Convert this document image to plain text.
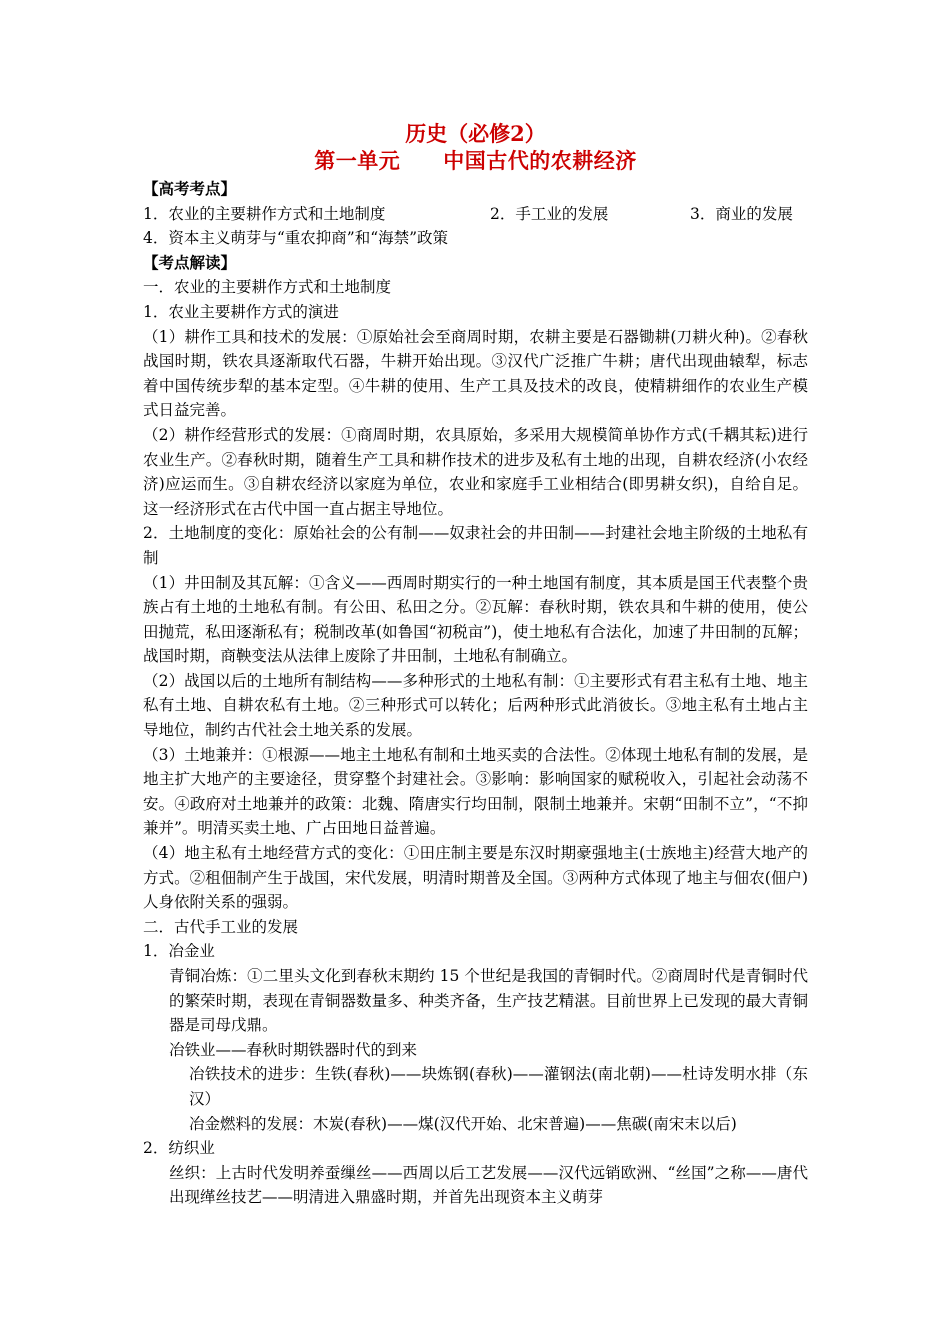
历史（必修2）
第一单元　　中国古代的农耕经济

【高考考点】

1．农业的主要耕作方式和土地制度	2．手工业的发展	3．商业的发展

4．资本主义萌芽与“重农抑商”和“海禁”政策

【考点解读】

一．农业的主要耕作方式和土地制度

1．农业主要耕作方式的演进

（1）耕作工具和技术的发展：①原始社会至商周时期，农耕主要是石器锄耕(刀耕火种)。②春秋战国时期，铁农具逐渐取代石器，牛耕开始出现。③汉代广泛推广牛耕；唐代出现曲辕犁，标志着中国传统步犁的基本定型。④牛耕的使用、生产工具及技术的改良，使精耕细作的农业生产模式日益完善。

（2）耕作经营形式的发展：①商周时期，农具原始，多采用大规模简单协作方式(千耦其耘)进行农业生产。②春秋时期，随着生产工具和耕作技术的进步及私有土地的出现，自耕农经济(小农经济)应运而生。③自耕农经济以家庭为单位，农业和家庭手工业相结合(即男耕女织)，自给自足。这一经济形式在古代中国一直占据主导地位。

2．土地制度的变化：原始社会的公有制——奴隶社会的井田制——封建社会地主阶级的土地私有制

（1）井田制及其瓦解：①含义——西周时期实行的一种土地国有制度，其本质是国王代表整个贵族占有土地的土地私有制。有公田、私田之分。②瓦解：春秋时期，铁农具和牛耕的使用，使公田抛荒，私田逐渐私有；税制改革(如鲁国“初税亩”)，使土地私有合法化，加速了井田制的瓦解；战国时期，商鞅变法从法律上废除了井田制，土地私有制确立。

（2）战国以后的土地所有制结构——多种形式的土地私有制：①主要形式有君主私有土地、地主私有土地、自耕农私有土地。②三种形式可以转化；后两种形式此消彼长。③地主私有土地占主导地位，制约古代社会土地关系的发展。

（3）土地兼并：①根源——地主土地私有制和土地买卖的合法性。②体现土地私有制的发展，是地主扩大地产的主要途径，贯穿整个封建社会。③影响：影响国家的赋税收入，引起社会动荡不安。④政府对土地兼并的政策：北魏、隋唐实行均田制，限制土地兼并。宋朝“田制不立”，“不抑兼并”。明清买卖土地、广占田地日益普遍。

（4）地主私有土地经营方式的变化：①田庄制主要是东汉时期豪强地主(士族地主)经营大地产的方式。②租佃制产生于战国，宋代发展，明清时期普及全国。③两种方式体现了地主与佃农(佃户)人身依附关系的强弱。

二．古代手工业的发展

1．冶金业

青铜冶炼：①二里头文化到春秋末期约 15 个世纪是我国的青铜时代。②商周时代是青铜时代的繁荣时期，表现在青铜器数量多、种类齐备，生产技艺精湛。目前世界上已发现的最大青铜器是司母戊鼎。

冶铁业——春秋时期铁器时代的到来

冶铁技术的进步：生铁(春秋)——块炼钢(春秋)——灌钢法(南北朝)——杜诗发明水排（东汉）

冶金燃料的发展：木炭(春秋)——煤(汉代开始、北宋普遍)——焦碳(南宋末以后)

2．纺织业

丝织：上古时代发明养蚕缫丝——西周以后工艺发展——汉代远销欧洲、“丝国”之称——唐代出现缂丝技艺——明清进入鼎盛时期，并首先出现资本主义萌芽
